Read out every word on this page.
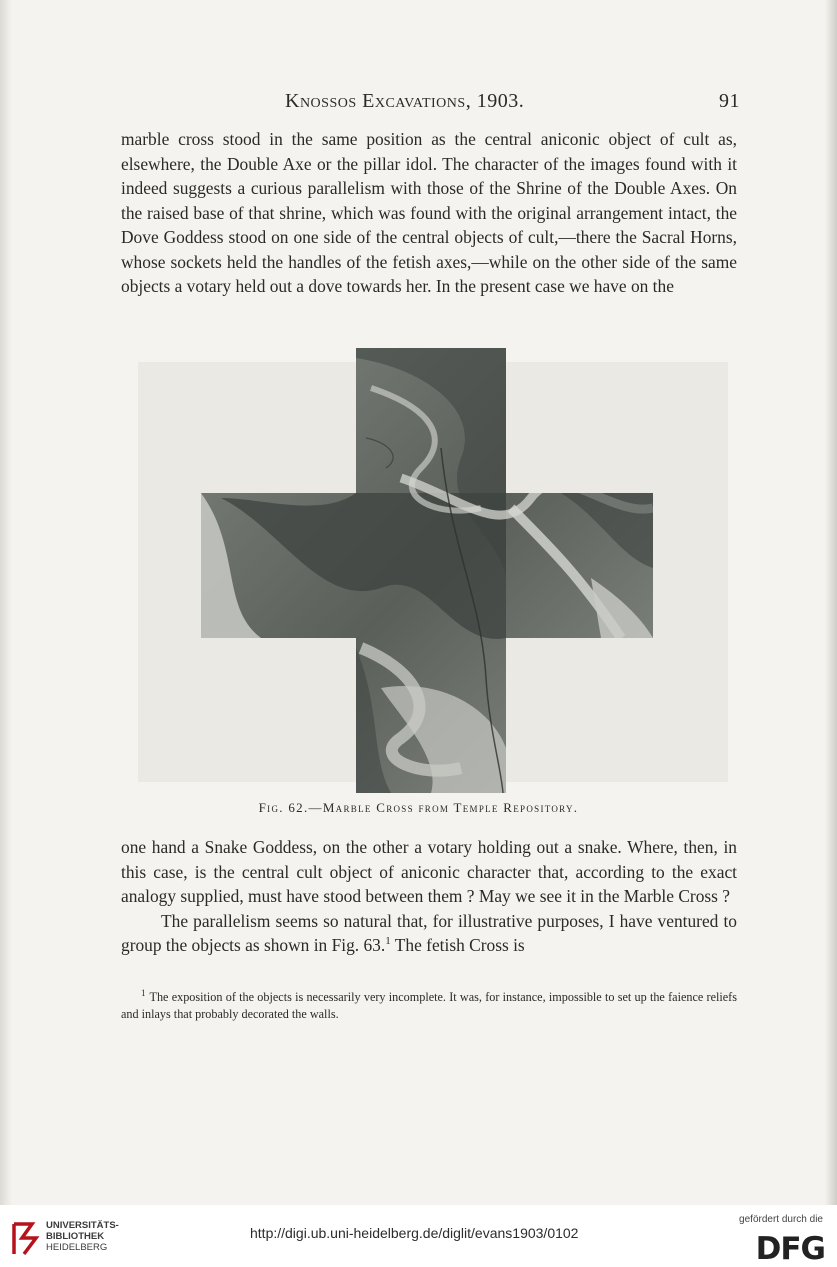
Knossos Excavations, 1903.	91

marble cross stood in the same position as the central aniconic object of cult as, elsewhere, the Double Axe or the pillar idol. The character of the images found with it indeed suggests a curious parallelism with those of the Shrine of the Double Axes. On the raised base of that shrine, which was found with the original arrangement intact, the Dove Goddess stood on one side of the central objects of cult,—there the Sacral Horns, whose sockets held the handles of the fetish axes,—while on the other side of the same objects a votary held out a dove towards her. In the present case we have on the

Fig. 62.—Marble Cross from Temple Repository.

one hand a Snake Goddess, on the other a votary holding out a snake. Where, then, in this case, is the central cult object of aniconic character that, according to the exact analogy supplied, must have stood between them ? May we see it in the Marble Cross ?

The parallelism seems so natural that, for illustrative purposes, I have ventured to group the objects as shown in Fig. 63.$^1$ The fetish Cross is

$^1$ The exposition of the objects is necessarily very incomplete. It was, for instance, impossible to set up the faience reliefs and inlays that probably decorated the walls.
UNIVERSITÄTS-
BIBLIOTHEK
HEIDELBERG
http://digi.ub.uni-heidelberg.de/diglit/evans1903/0102
gefördert durch die
DFG
